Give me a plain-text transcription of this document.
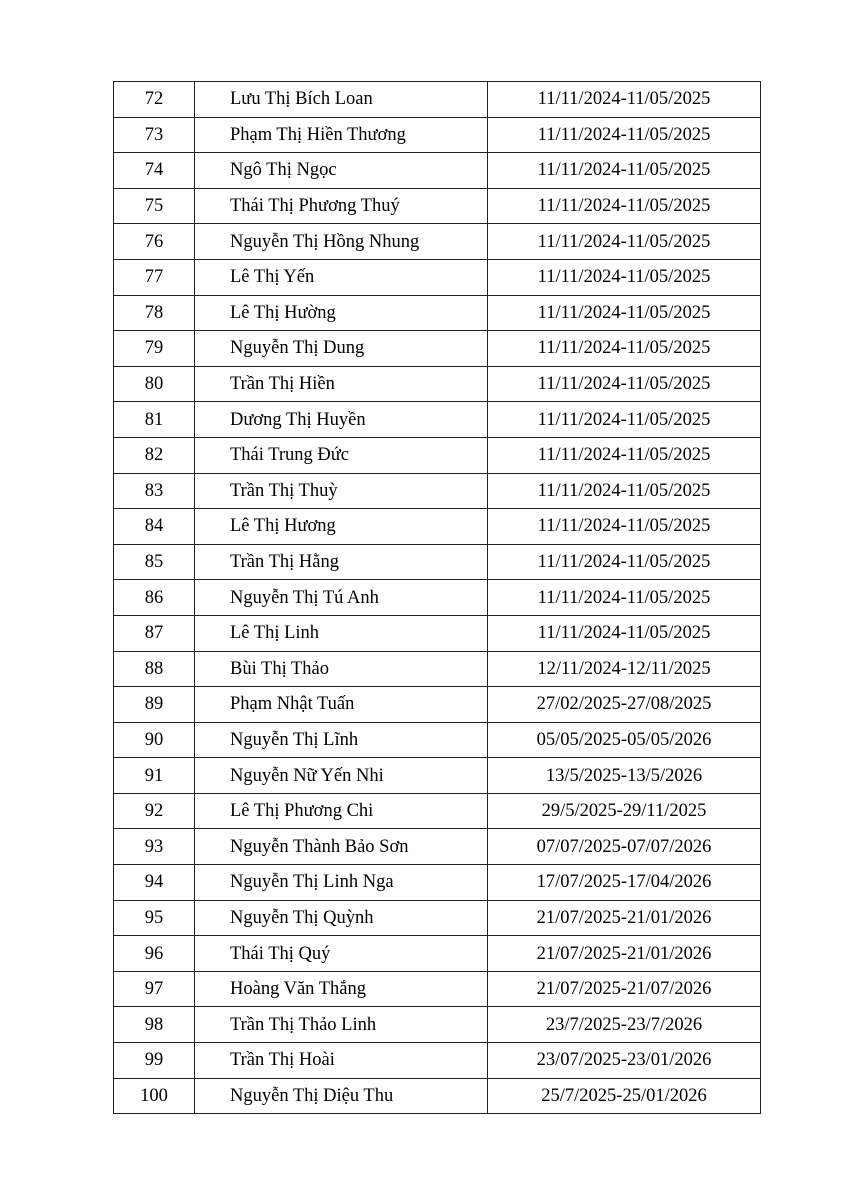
72	Lưu Thị Bích Loan	11/11/2024-11/05/2025
73	Phạm Thị Hiền Thương	11/11/2024-11/05/2025
74	Ngô Thị Ngọc	11/11/2024-11/05/2025
75	Thái Thị Phương Thuý	11/11/2024-11/05/2025
76	Nguyễn Thị Hồng Nhung	11/11/2024-11/05/2025
77	Lê Thị Yến	11/11/2024-11/05/2025
78	Lê Thị Hường	11/11/2024-11/05/2025
79	Nguyễn Thị Dung	11/11/2024-11/05/2025
80	Trần Thị Hiền	11/11/2024-11/05/2025
81	Dương Thị Huyền	11/11/2024-11/05/2025
82	Thái Trung Đức	11/11/2024-11/05/2025
83	Trần Thị Thuỳ	11/11/2024-11/05/2025
84	Lê Thị Hương	11/11/2024-11/05/2025
85	Trần Thị Hằng	11/11/2024-11/05/2025
86	Nguyễn Thị Tú Anh	11/11/2024-11/05/2025
87	Lê Thị Linh	11/11/2024-11/05/2025
88	Bùi Thị Thảo	12/11/2024-12/11/2025
89	Phạm Nhật Tuấn	27/02/2025-27/08/2025
90	Nguyễn Thị Lĩnh	05/05/2025-05/05/2026
91	Nguyễn Nữ Yến Nhi	13/5/2025-13/5/2026
92	Lê Thị Phương Chi	29/5/2025-29/11/2025
93	Nguyễn Thành Bảo Sơn	07/07/2025-07/07/2026
94	Nguyễn Thị Linh Nga	17/07/2025-17/04/2026
95	Nguyễn Thị Quỳnh	21/07/2025-21/01/2026
96	Thái Thị Quý	21/07/2025-21/01/2026
97	Hoàng Văn Thắng	21/07/2025-21/07/2026
98	Trần Thị Thảo Linh	23/7/2025-23/7/2026
99	Trần Thị Hoài	23/07/2025-23/01/2026
100	Nguyễn Thị Diệu Thu	25/7/2025-25/01/2026
